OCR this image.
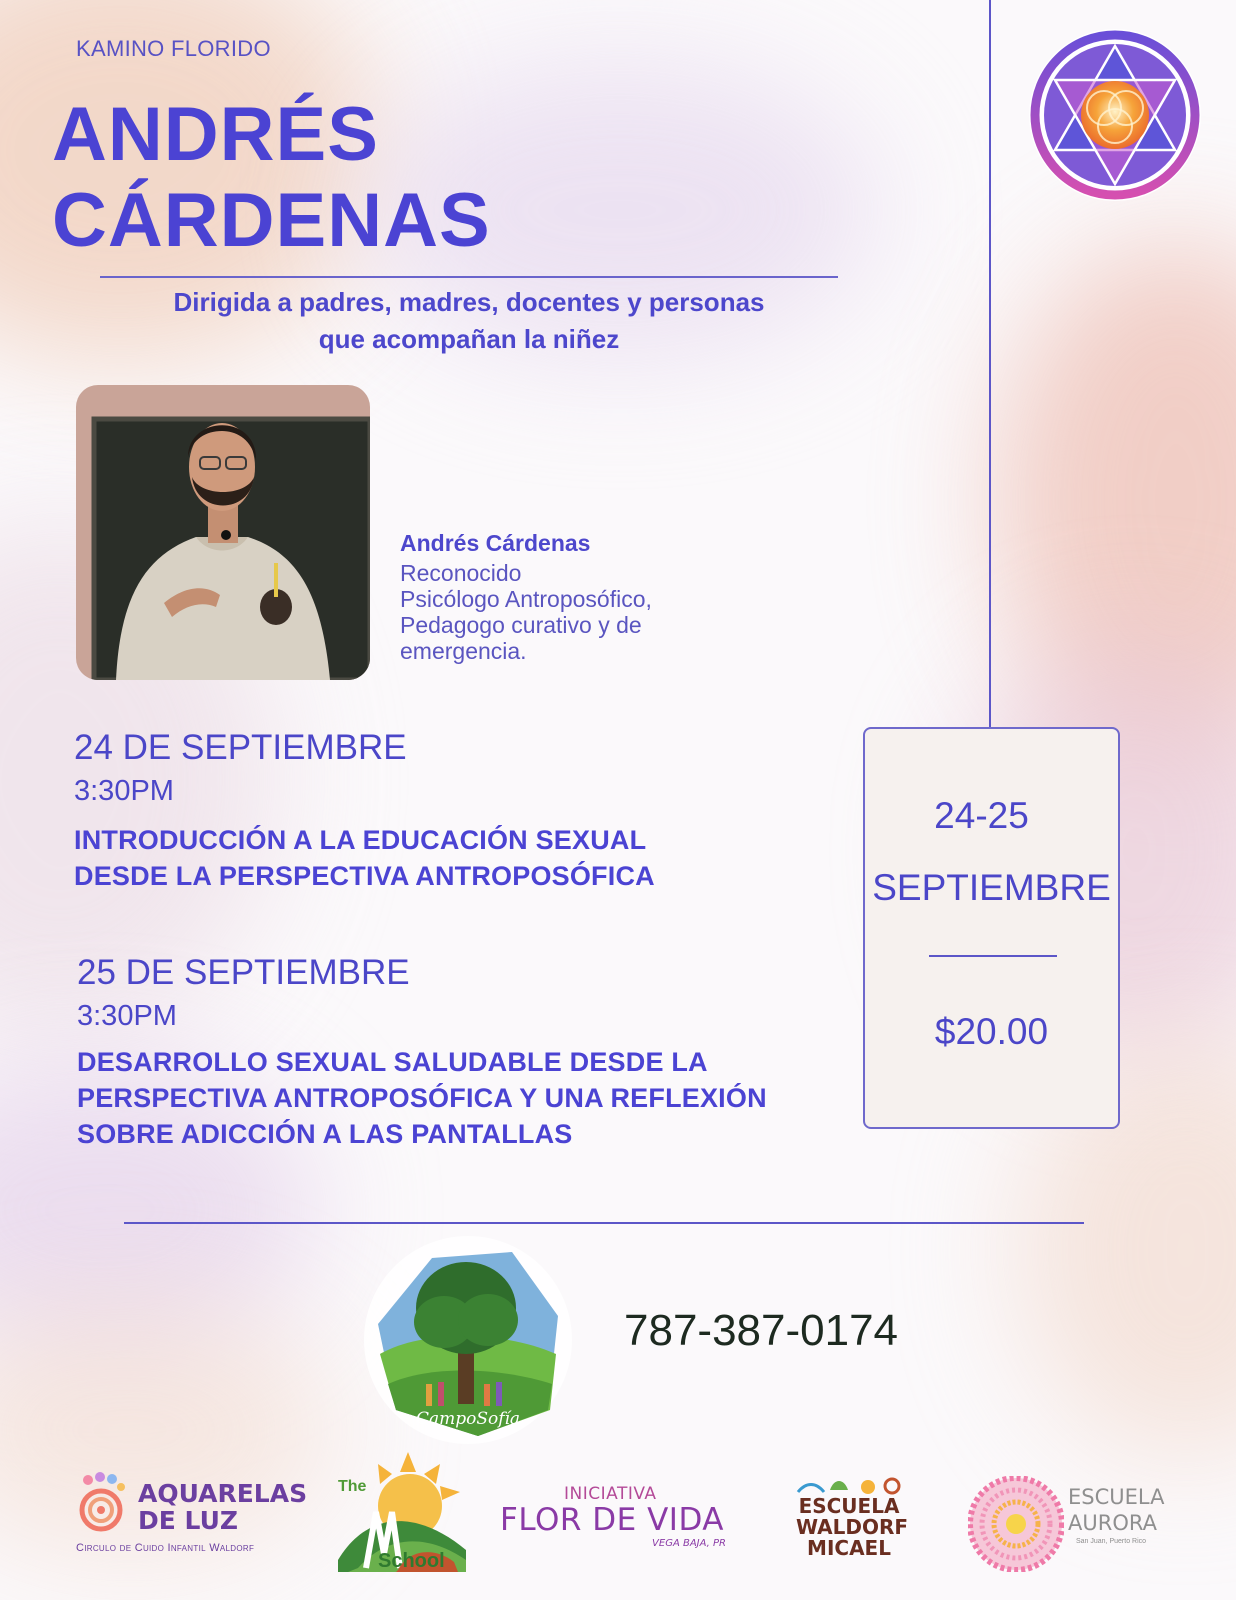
KAMINO FLORIDO
ANDRÉS
CÁRDENAS
Dirigida a padres, madres, docentes y personas
que acompañan la niñez
Andrés Cárdenas
Reconocido
Psicólogo Antroposófico,
Pedagogo curativo y de
emergencia.
24 DE SEPTIEMBRE
3:30PM
INTRODUCCIÓN A LA EDUCACIÓN SEXUAL
DESDE LA PERSPECTIVA ANTROPOSÓFICA
25 DE SEPTIEMBRE
3:30PM
DESARROLLO SEXUAL SALUDABLE DESDE LA
PERSPECTIVA ANTROPOSÓFICA Y UNA REFLEXIÓN
SOBRE ADICCIÓN A LAS PANTALLAS
24-25
SEPTIEMBRE
$20.00
CampoSofía
787-387-0174
AQUARELAS
DE LUZ
Circulo de Cuido Infantil Waldorf
The
School
INICIATIVA
FLOR DE VIDA
VEGA BAJA, PR
ESCUELA
WALDORF
MICAEL
ESCUELA
AURORA
San Juan, Puerto Rico
